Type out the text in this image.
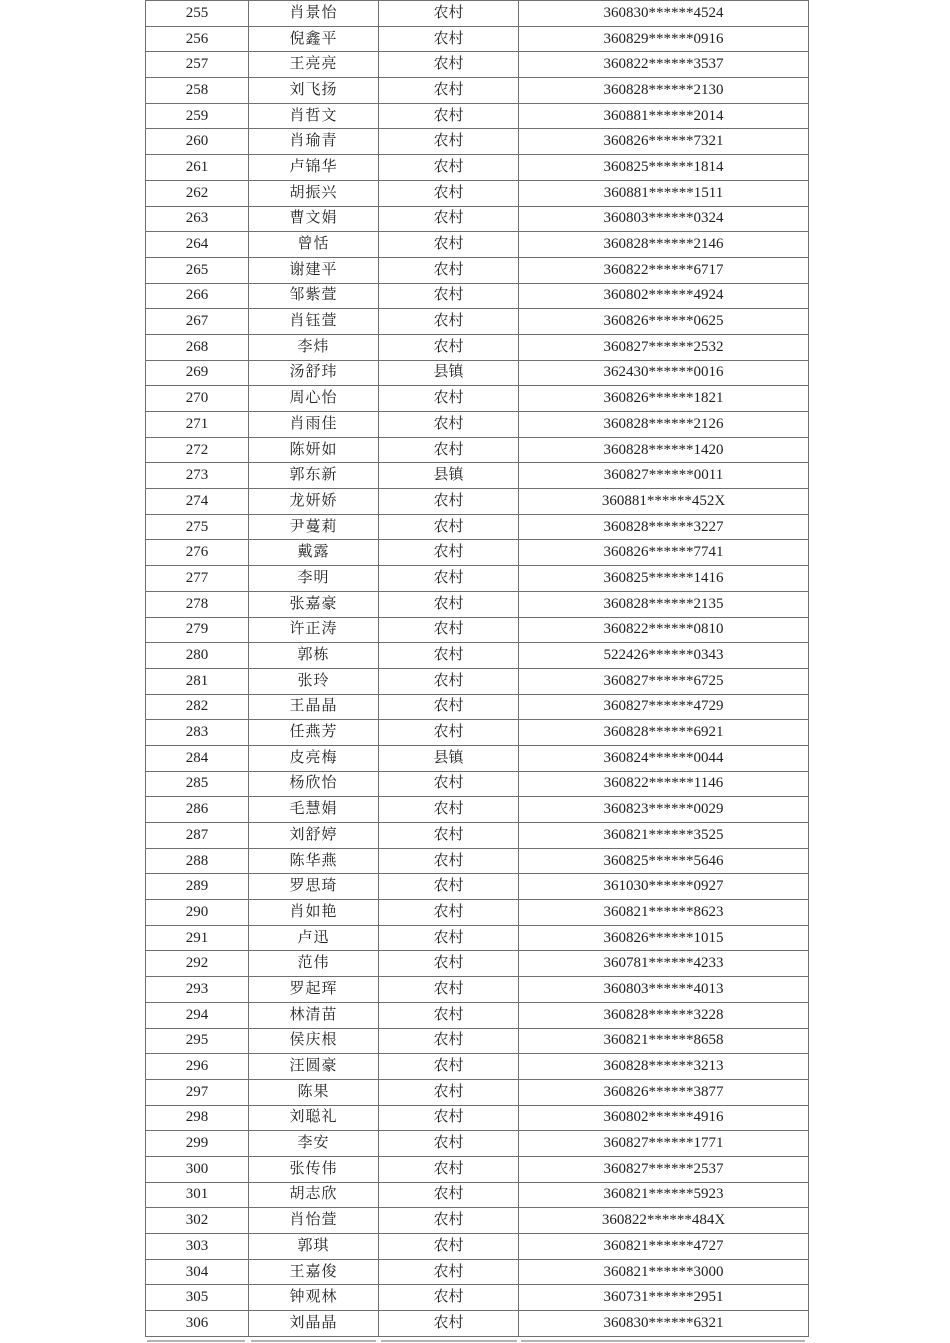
255	肖景怡	农村	360830******4524
256	倪鑫平	农村	360829******0916
257	王亮亮	农村	360822******3537
258	刘飞扬	农村	360828******2130
259	肖哲文	农村	360881******2014
260	肖瑜青	农村	360826******7321
261	卢锦华	农村	360825******1814
262	胡振兴	农村	360881******1511
263	曹文娟	农村	360803******0324
264	曾恬	农村	360828******2146
265	谢建平	农村	360822******6717
266	邹紫萱	农村	360802******4924
267	肖钰萱	农村	360826******0625
268	李炜	农村	360827******2532
269	汤舒玮	县镇	362430******0016
270	周心怡	农村	360826******1821
271	肖雨佳	农村	360828******2126
272	陈妍如	农村	360828******1420
273	郭东新	县镇	360827******0011
274	龙妍娇	农村	360881******452X
275	尹蔓莉	农村	360828******3227
276	戴露	农村	360826******7741
277	李明	农村	360825******1416
278	张嘉豪	农村	360828******2135
279	许正涛	农村	360822******0810
280	郭栋	农村	522426******0343
281	张玲	农村	360827******6725
282	王晶晶	农村	360827******4729
283	任燕芳	农村	360828******6921
284	皮亮梅	县镇	360824******0044
285	杨欣怡	农村	360822******1146
286	毛慧娟	农村	360823******0029
287	刘舒婷	农村	360821******3525
288	陈华燕	农村	360825******5646
289	罗思琦	农村	361030******0927
290	肖如艳	农村	360821******8623
291	卢迅	农村	360826******1015
292	范伟	农村	360781******4233
293	罗起珲	农村	360803******4013
294	林清苗	农村	360828******3228
295	侯庆根	农村	360821******8658
296	汪圆豪	农村	360828******3213
297	陈果	农村	360826******3877
298	刘聪礼	农村	360802******4916
299	李安	农村	360827******1771
300	张传伟	农村	360827******2537
301	胡志欣	农村	360821******5923
302	肖怡萱	农村	360822******484X
303	郭琪	农村	360821******4727
304	王嘉俊	农村	360821******3000
305	钟观林	农村	360731******2951
306	刘晶晶	农村	360830******6321
